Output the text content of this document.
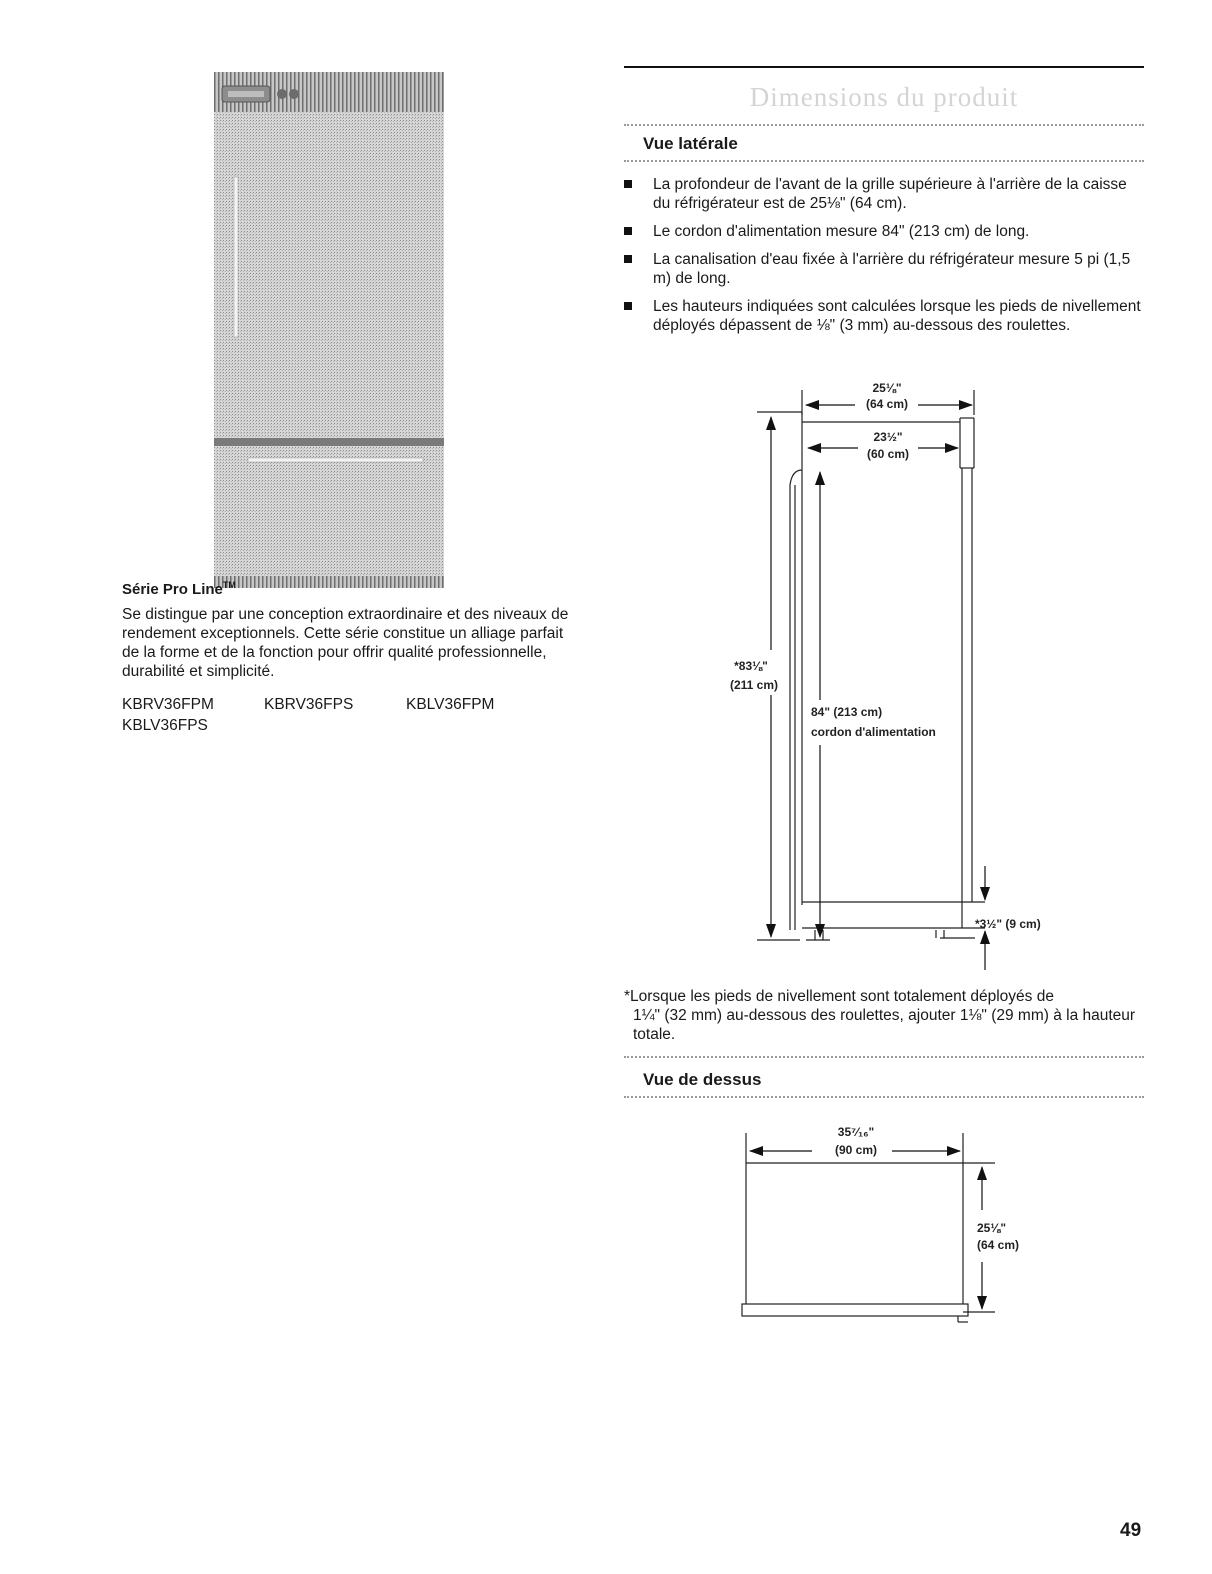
Série Pro Line™
Se distingue par une conception extraordinaire et des niveaux de rendement exceptionnels. Cette série constitue un alliage parfait de la forme et de la fonction pour offrir qualité professionnelle, durabilité et simplicité.
KBRV36FPM	KBRV36FPS	KBLV36FPM
KBLV36FPS
Dimensions du produit
Vue latérale
La profondeur de l'avant de la grille supérieure à l'arrière de la caisse du réfrigérateur est de 25⅛" (64 cm).
Le cordon d'alimentation mesure 84" (213 cm) de long.
La canalisation d'eau fixée à l'arrière du réfrigérateur mesure 5 pi (1,5 m) de long.
Les hauteurs indiquées sont calculées lorsque les pieds de nivellement déployés dépassent de ⅛" (3 mm) au-dessous des roulettes.
25⅛"
(64 cm)
23½"
(60 cm)
*83⅛"
(211 cm)
84" (213 cm)
cordon d'alimentation
*3½" (9 cm)
*Lorsque les pieds de nivellement sont totalement déployés de
1¼" (32 mm) au-dessous des roulettes, ajouter 1⅛" (29 mm) à la hauteur totale.
Vue de dessus
35⁷⁄₁₆"
(90 cm)
25⅛"
(64 cm)
49
